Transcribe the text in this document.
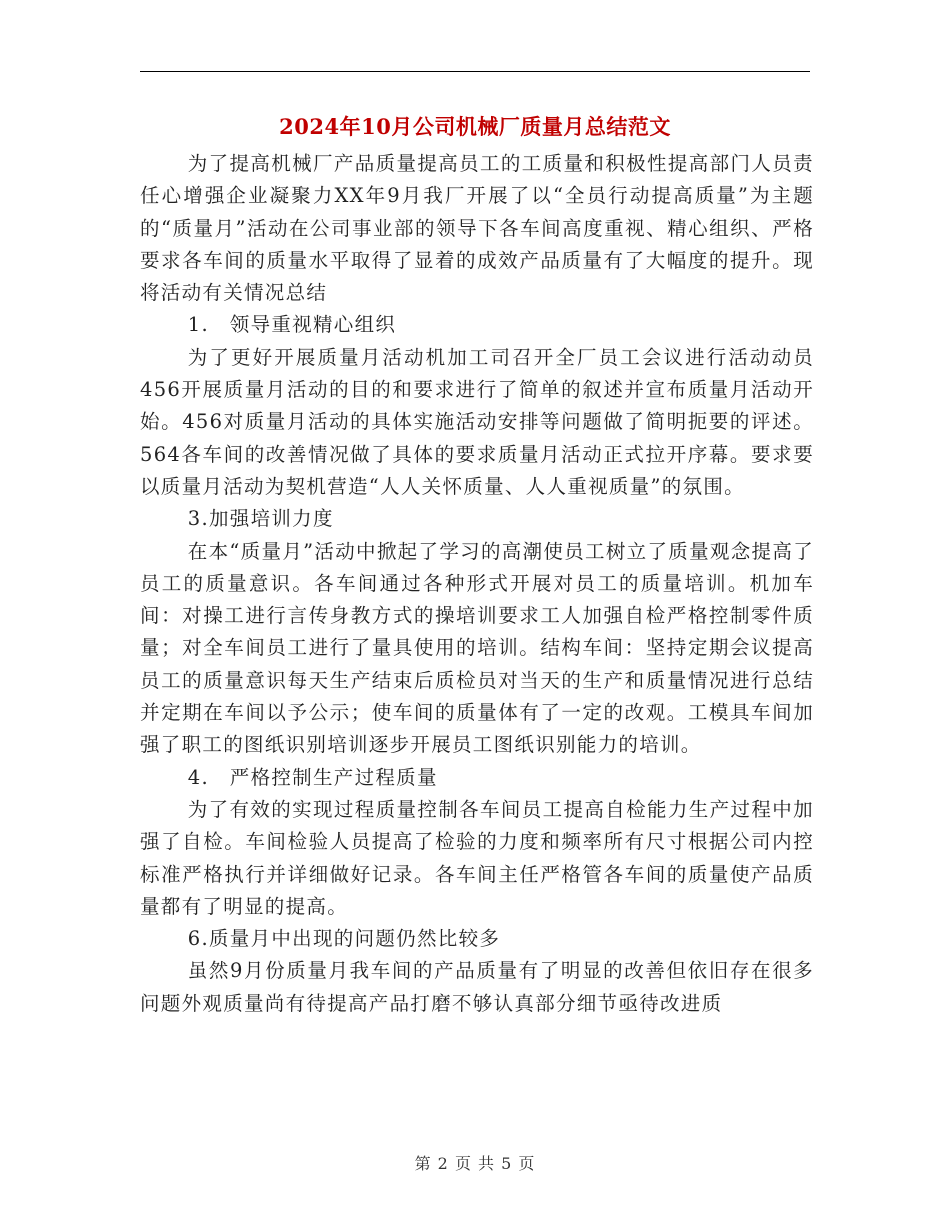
2024年10月公司机械厂质量月总结范文

为了提高机械厂产品质量提高员工的工质量和积极性提高部门人员责任心增强企业凝聚力XX年9月我厂开展了以“全员行动提高质量”为主题的“质量月”活动在公司事业部的领导下各车间高度重视、精心组织、严格要求各车间的质量水平取得了显着的成效产品质量有了大幅度的提升。现将活动有关情况总结

1.　领导重视精心组织

为了更好开展质量月活动机加工司召开全厂员工会议进行活动动员456开展质量月活动的目的和要求进行了简单的叙述并宣布质量月活动开始。456对质量月活动的具体实施活动安排等问题做了简明扼要的评述。564各车间的改善情况做了具体的要求质量月活动正式拉开序幕。要求要以质量月活动为契机营造“人人关怀质量、人人重视质量”的氛围。

3.加强培训力度

在本“质量月”活动中掀起了学习的高潮使员工树立了质量观念提高了员工的质量意识。各车间通过各种形式开展对员工的质量培训。机加车间：对操工进行言传身教方式的操培训要求工人加强自检严格控制零件质量；对全车间员工进行了量具使用的培训。结构车间：坚持定期会议提高员工的质量意识每天生产结束后质检员对当天的生产和质量情况进行总结并定期在车间以予公示；使车间的质量体有了一定的改观。工模具车间加强了职工的图纸识别培训逐步开展员工图纸识别能力的培训。

4.　严格控制生产过程质量

为了有效的实现过程质量控制各车间员工提高自检能力生产过程中加强了自检。车间检验人员提高了检验的力度和频率所有尺寸根据公司内控标准严格执行并详细做好记录。各车间主任严格管各车间的质量使产品质量都有了明显的提高。

6.质量月中出现的问题仍然比较多

虽然9月份质量月我车间的产品质量有了明显的改善但依旧存在很多问题外观质量尚有待提高产品打磨不够认真部分细节亟待改进质

第 2 页 共 5 页
